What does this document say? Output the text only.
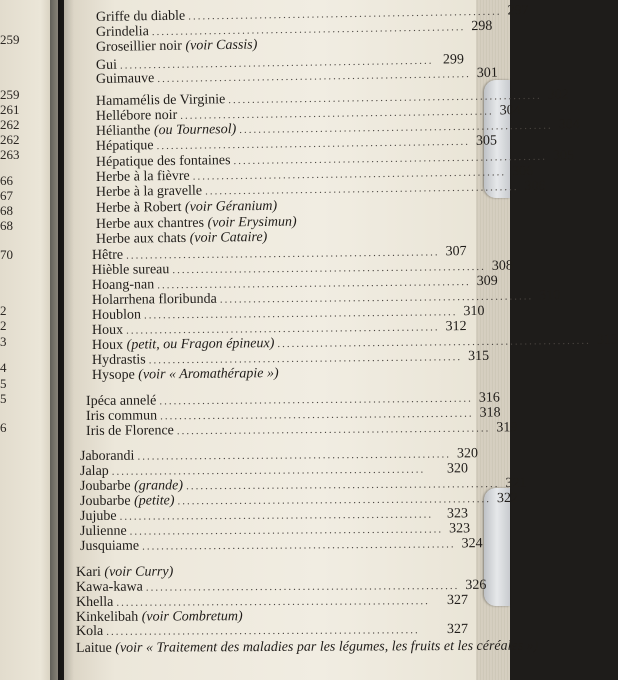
259
259
261
262
262
263
66
67
68
68
70
2
2
3
4
5
5
6
Griffe du diable .................................................................. 297
Grindelia .................................................................. 298
Groseillier noir (voir Cassis)
Gui .................................................................. 299
Guimauve .................................................................. 301
Hamamélis de Virginie .................................................................. 302
Hellébore noir .................................................................. 304
Hélianthe (ou Tournesol) .................................................................. 304
Hépatique .................................................................. 305
Hépatique des fontaines .................................................................. 305
Herbe à la fièvre .................................................................. 306
Herbe à la gravelle .................................................................. 306
Herbe à Robert (voir Géranium)
Herbe aux chantres (voir Erysimun)
Herbe aux chats (voir Cataire)
Hêtre .................................................................. 307
Hièble sureau .................................................................. 308
Hoang-nan .................................................................. 309
Holarrhena floribunda .................................................................. 310
Houblon .................................................................. 310
Houx .................................................................. 312
Houx (petit, ou Fragon épineux) .................................................................. 313
Hydrastis .................................................................. 315
Hysope (voir « Aromathérapie »)
Ipéca annelé .................................................................. 316
Iris commun .................................................................. 318
Iris de Florence .................................................................. 319
Jaborandi .................................................................. 320
Jalap ..................................................................	320
Joubarbe (grande) .................................................................. 321
Joubarbe (petite) .................................................................. 322
Jujube .................................................................. 323
Julienne .................................................................. 323
Jusquiame .................................................................. 324
Kari (voir Curry)
Kawa-kawa .................................................................. 326
Khella ..................................................................	327
Kinkelibah (voir Combretum)
Kola ..................................................................	327
Laitue (voir « Traitement des maladies par les légumes, les fruits et les céréales »)
